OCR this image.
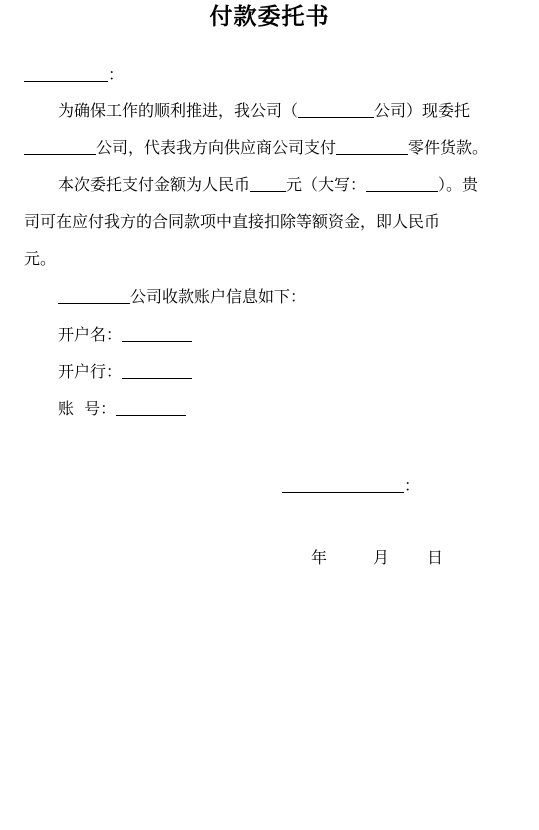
付款委托书
：
为确保工作的顺利推进，我公司（	公司）现委托
公司，代表我方向供应商公司支付	零件货款。
本次委托支付金额为人民币 元（大写：	）。贵
司可在应付我方的合同款项中直接扣除等额资金，即人民币
元。
公司收款账户信息如下：
开户名：
开户行：
账  号：
：
年	月 日
